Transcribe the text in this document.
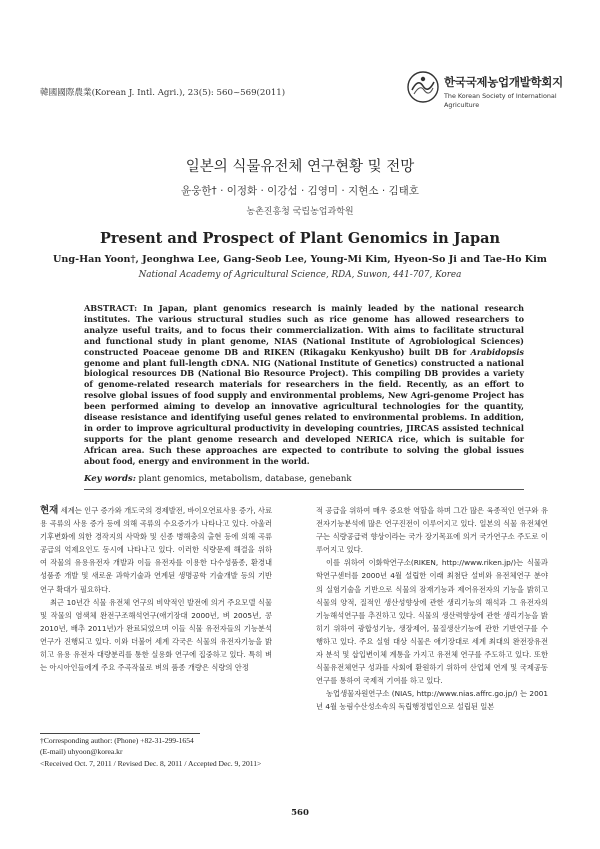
韓國國際農業(Korean J. Intl. Agri.), 23(5): 560~569(2011)
한국국제농업개발학회지
The Korean Society of International
Agriculture
일본의 식물유전체 연구현황 및 전망
윤웅한† · 이정화 · 이강섭 · 김영미 · 지현소 · 김태호
농촌진흥청 국립농업과학원
Present and Prospect of Plant Genomics in Japan
Ung-Han Yoon†, Jeonghwa Lee, Gang-Seob Lee, Young-Mi Kim, Hyeon-So Ji and Tae-Ho Kim
National Academy of Agricultural Science, RDA, Suwon, 441-707, Korea
ABSTRACT: In Japan, plant genomics research is mainly leaded by the national research institutes. The various structural studies such as rice genome has allowed researchers to analyze useful traits, and to focus their commercialization. With aims to facilitate structural and functional study in plant genome, NIAS (National Institute of Agrobiological Sciences) constructed Poaceae genome DB and RIKEN (Rikagaku Kenkyusho) built DB for Arabidopsis genome and plant full-length cDNA. NIG (National Institute of Genetics) constructed a national biological resources DB (National Bio Resource Project). This compiling DB provides a variety of genome-related research materials for researchers in the field. Recently, as an effort to resolve global issues of food supply and environmental problems, New Agri-genome Project has been performed aiming to develop an innovative agricultural technologies for the quantity, disease resistance and identifying useful genes related to environmental problems. In addition, in order to improve agricultural productivity in developing countries, JIRCAS assisted technical supports for the plant genome research and developed NERICA rice, which is suitable for African area. Such these approaches are expected to contribute to solving the global issues about food, energy and environment in the world.
Key words: plant genomics, metabolism, database, genebank

현재 세계는 인구 증가와 개도국의 경제발전, 바이오연료사용 증가, 사료용 곡류의 사용 증가 등에 의해 곡류의 수요증가가 나타나고 있다. 아울러 기후변화에 의한 경작지의 사막화 및 신종 병해충의 출현 등에 의해 곡류 공급의 억제요인도 동시에 나타나고 있다. 이러한 식량문제 해결을 위하여 작물의 유용유전자 개발과 이들 유전자를 이용한 다수성품종, 환경내성품종 개발 및 새로운 과학기술과 연계된 생명공학 기술개발 등의 기반연구 확대가 필요하다.

최근 10년간 식물 유전체 연구의 비약적인 발전에 의거 주요모델 식물 및 작물의 염색체 완전구조해석연구(애기장대 2000년, 벼 2005년, 콩 2010년, 배추 2011년)가 완료되었으며 이들 식물 유전자들의 기능분석 연구가 진행되고 있다. 이와 더불어 세계 각국은 식물의 유전자기능을 밝히고 유용 유전자 대량분리를 통한 실용화 연구에 집중하고 있다. 특히 벼는 아시아인들에게 주요 주곡작물로 벼의 품종 개량은 식량의 안정

적 공급을 위하여 매우 중요한 역할을 하며 그간 많은 육종적인 연구와 유전자기능분석에 많은 연구진전이 이루어지고 있다. 일본의 식물 유전체연구는 식량공급력 향상이라는 국가 장기목표에 의거 국가연구소 주도로 이루어지고 있다.

이를 위하여 이화학연구소(RIKEN, http://www.riken.jp/)는 식물과학연구센터를 2000년 4월 설립한 이래 최첨단 설비와 유전체연구 분야의 실험기술을 기반으로 식물의 잠재기능과 제어유전자의 기능을 밝히고 식물의 양적, 질적인 생산성향상에 관한 생리기능의 해석과 그 유전자의 기능해석연구를 추진하고 있다. 식물의 생산력향상에 관한 생리기능을 밝히기 위하여 광합성기능, 생장제어, 물질생산기능에 관한 기반연구를 수행하고 있다. 주요 실험 대상 식물은 애기장대로 세계 최대의 완전장유전자 분석 및 삽입변이체 계통을 가지고 유전체 연구를 주도하고 있다. 또한 식물유전체연구 성과를 사회에 환원하기 위하여 산업체 연계 및 국제공동연구를 통하여 국제적 기여를 하고 있다.

농업생물자원연구소 (NIAS, http://www.nias.affrc.go.jp/) 는 2001년 4월 농림수산성소속의 독립행정법인으로 설립된 일본

†Corresponding author: (Phone) +82-31-299-1654
(E-mail) uhyoon@korea.kr
<Received Oct. 7, 2011 / Revised Dec. 8, 2011 / Accepted Dec. 9, 2011>
560
